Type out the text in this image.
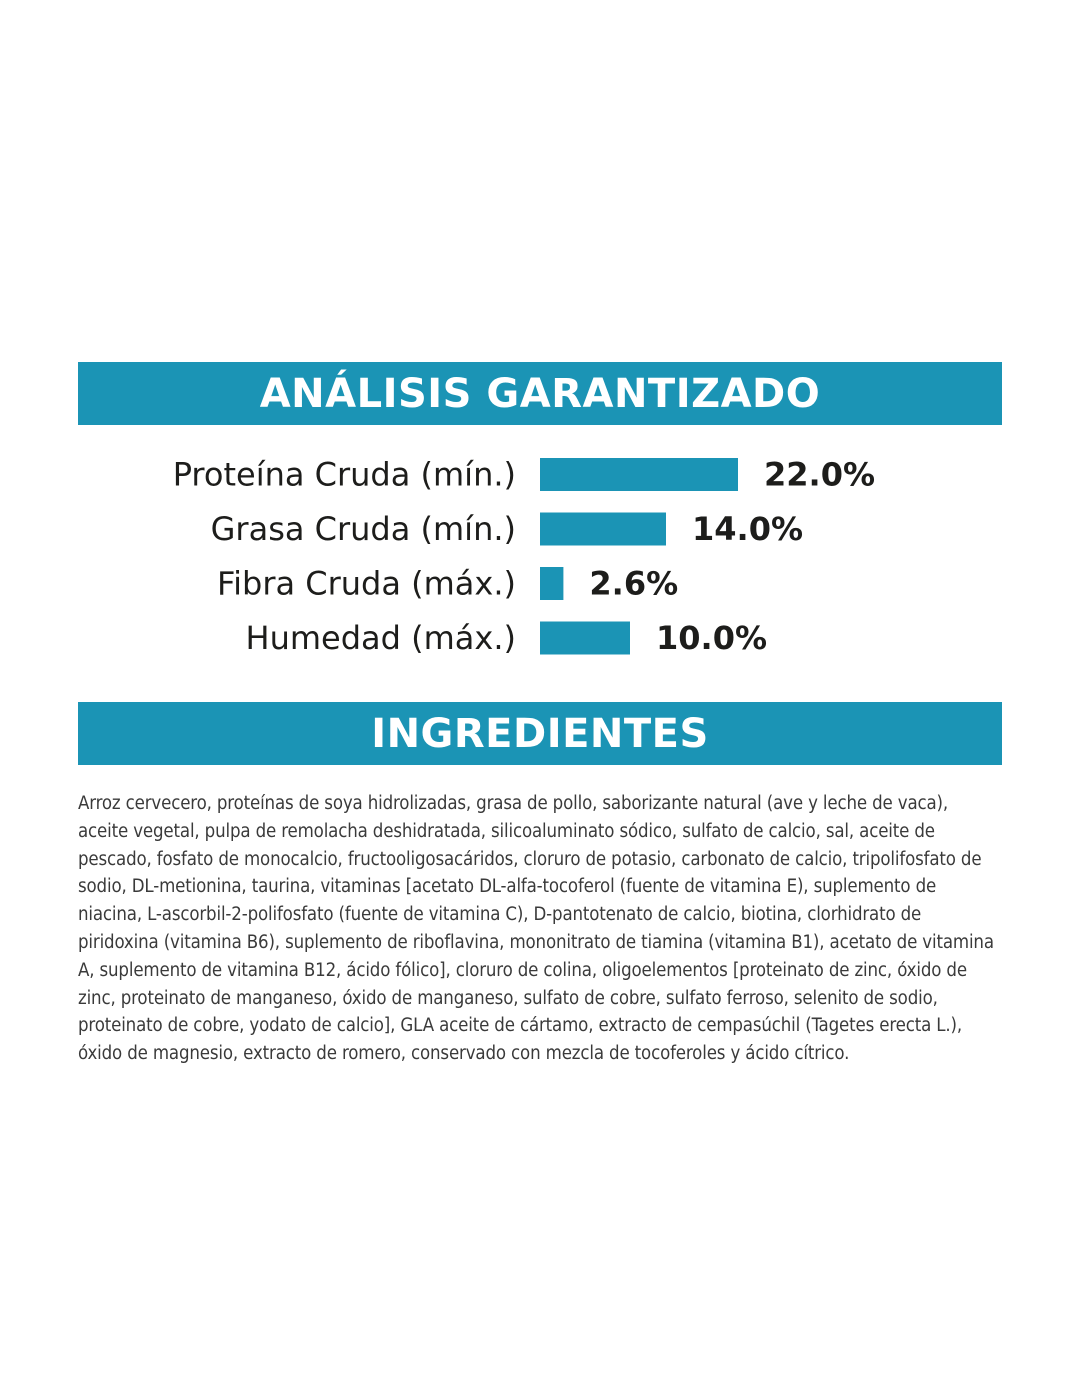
ANÁLISIS GARANTIZADO
Proteína Cruda (mín.)	22.0%
Grasa Cruda (mín.)	14.0%
Fibra Cruda (máx.) 2.6%
Humedad (máx.)	10.0%
INGREDIENTES

Arroz cervecero, proteínas de soya hidrolizadas, grasa de pollo, saborizante natural (ave y leche de vaca), aceite vegetal, pulpa de remolacha deshidratada, silicoaluminato sódico, sulfato de calcio, sal, aceite de pescado, fosfato de monocalcio, fructooligosacáridos, cloruro de potasio, carbonato de calcio, tripolifosfato de sodio, DL-metionina, taurina, vitaminas [acetato DL-alfa-tocoferol (fuente de vitamina E), suplemento de niacina, L-ascorbil-2-polifosfato (fuente de vitamina C), D-pantotenato de calcio, biotina, clorhidrato de piridoxina (vitamina B6), suplemento de riboflavina, mononitrato de tiamina (vitamina B1), acetato de vitamina A, suplemento de vitamina B12, ácido fólico], cloruro de colina, oligoelementos [proteinato de zinc, óxido de zinc, proteinato de manganeso, óxido de manganeso, sulfato de cobre, sulfato ferroso, selenito de sodio, proteinato de cobre, yodato de calcio], GLA aceite de cártamo, extracto de cempasúchil (Tagetes erecta L.), óxido de magnesio, extracto de romero, conservado con mezcla de tocoferoles y ácido cítrico.
